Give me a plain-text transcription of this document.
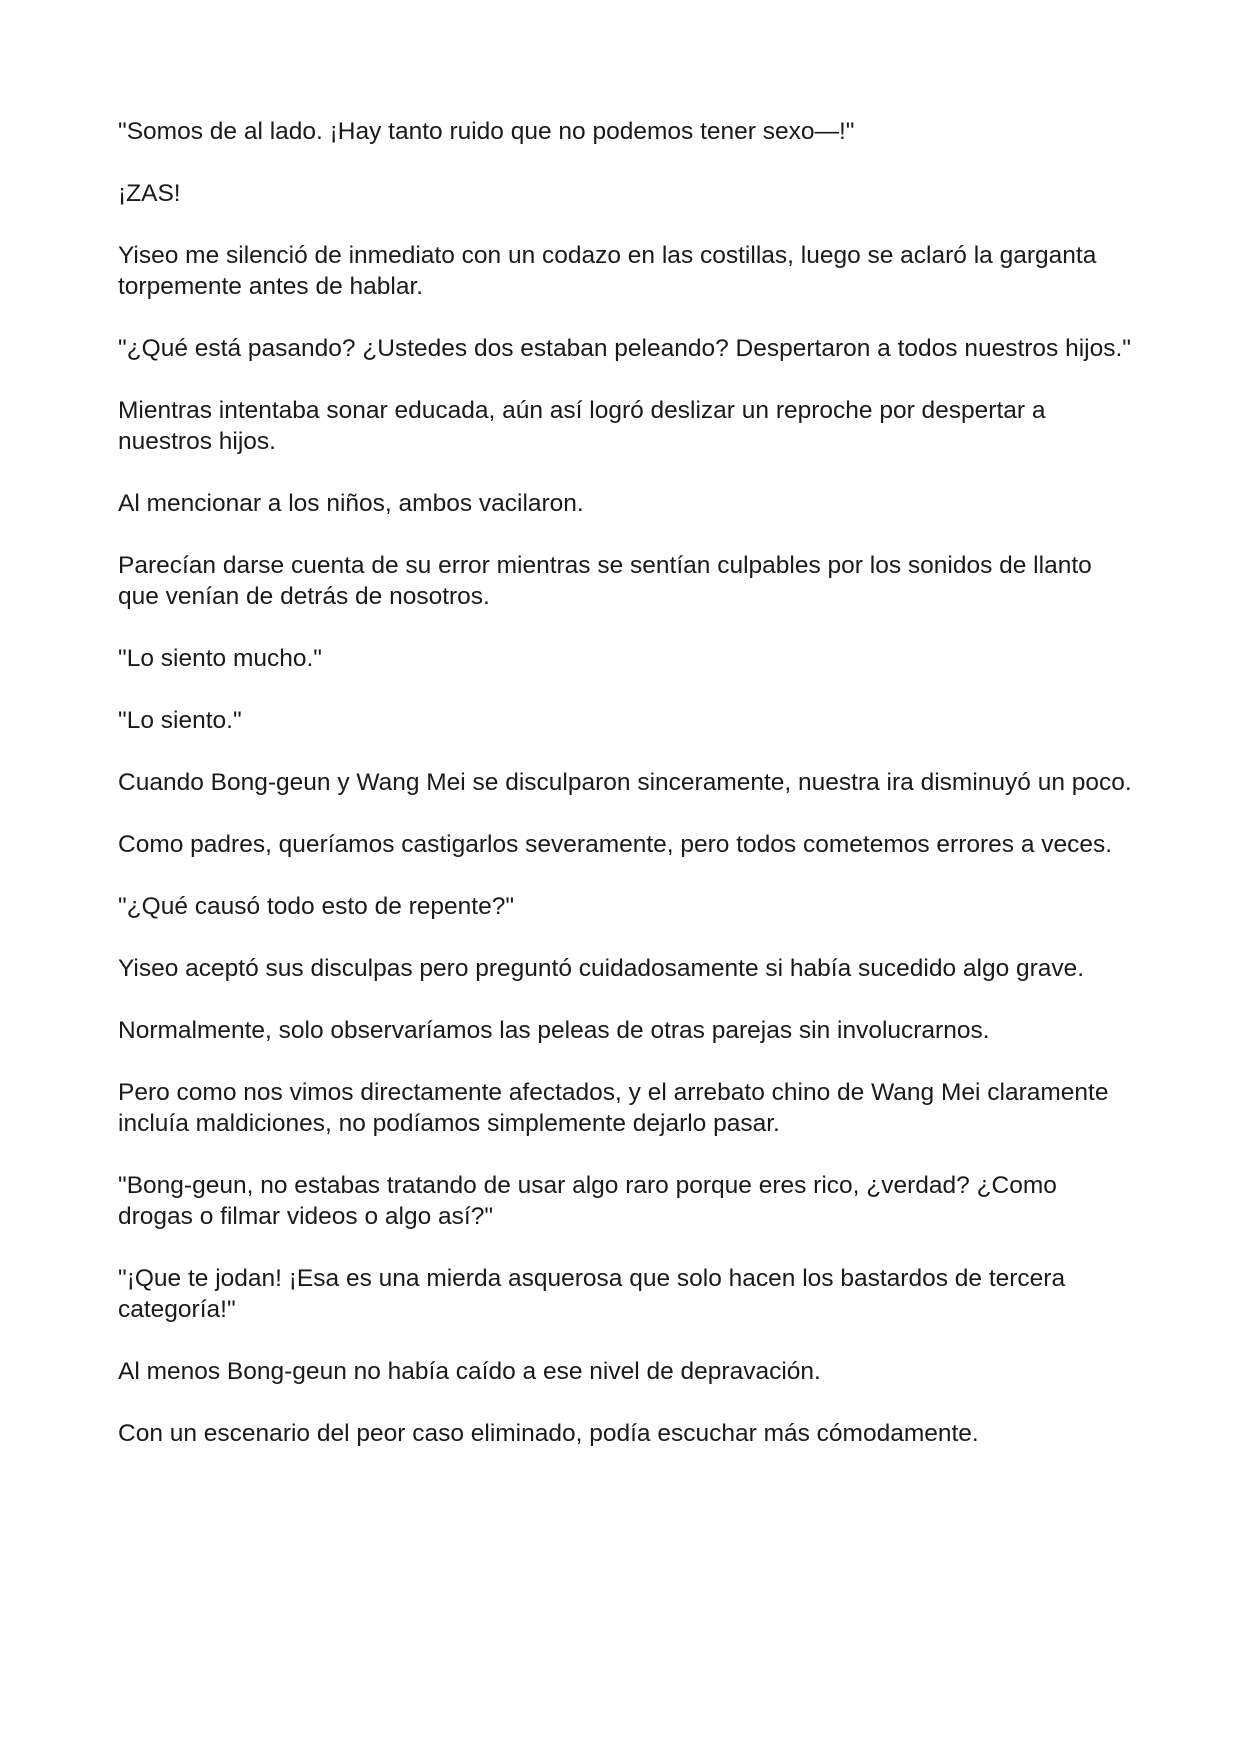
"Somos de al lado. ¡Hay tanto ruido que no podemos tener sexo—!"

¡ZAS!

Yiseo me silenció de inmediato con un codazo en las costillas, luego se aclaró la garganta torpemente antes de hablar.

"¿Qué está pasando? ¿Ustedes dos estaban peleando? Despertaron a todos nuestros hijos."

Mientras intentaba sonar educada, aún así logró deslizar un reproche por despertar a nuestros hijos.

Al mencionar a los niños, ambos vacilaron.

Parecían darse cuenta de su error mientras se sentían culpables por los sonidos de llanto que venían de detrás de nosotros.

"Lo siento mucho."

"Lo siento."

Cuando Bong-geun y Wang Mei se disculparon sinceramente, nuestra ira disminuyó un poco.

Como padres, queríamos castigarlos severamente, pero todos cometemos errores a veces.

"¿Qué causó todo esto de repente?"

Yiseo aceptó sus disculpas pero preguntó cuidadosamente si había sucedido algo grave.

Normalmente, solo observaríamos las peleas de otras parejas sin involucrarnos.

Pero como nos vimos directamente afectados, y el arrebato chino de Wang Mei claramente incluía maldiciones, no podíamos simplemente dejarlo pasar.

"Bong-geun, no estabas tratando de usar algo raro porque eres rico, ¿verdad? ¿Como drogas o filmar videos o algo así?"

"¡Que te jodan! ¡Esa es una mierda asquerosa que solo hacen los bastardos de tercera categoría!"

Al menos Bong-geun no había caído a ese nivel de depravación.

Con un escenario del peor caso eliminado, podía escuchar más cómodamente.
